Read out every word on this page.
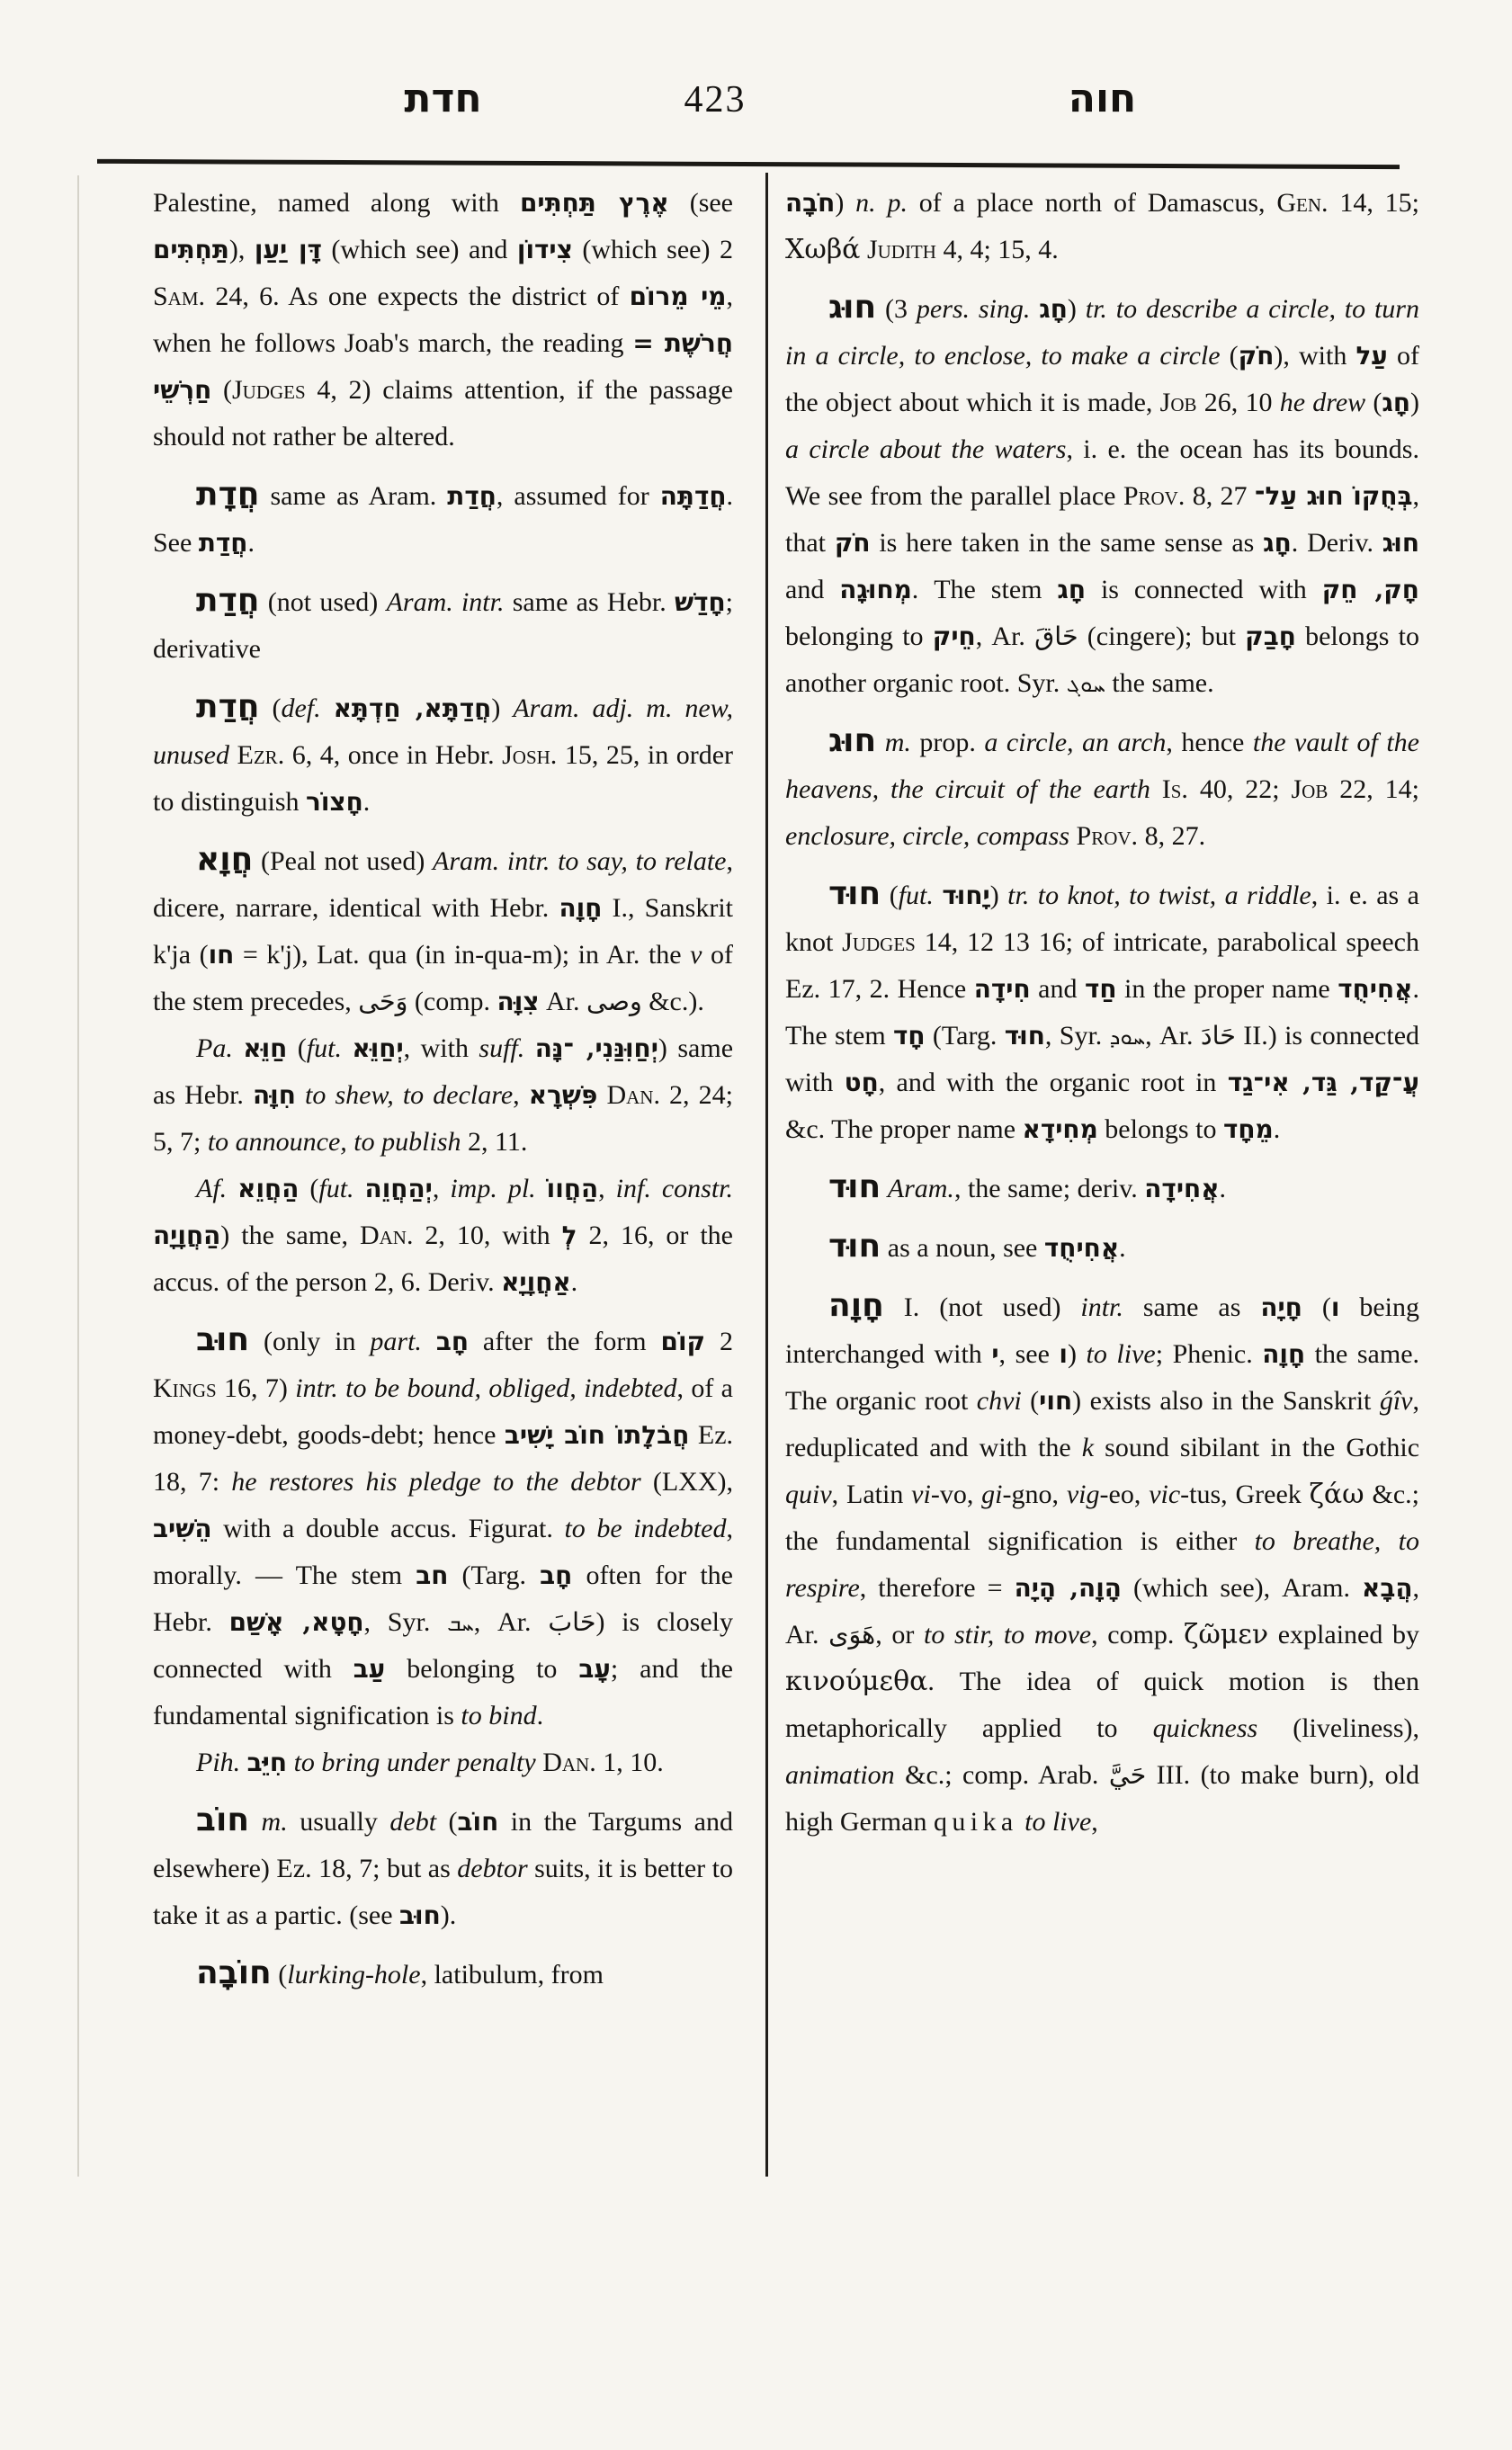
חדת	חוה
423

Palestine, named along with אֶרֶץ תַּחְתִּים (see תַּחְתִּים), דָּן יַעַן (which see) and צִידוֹן (which see) 2 Sam. 24, 6. As one expects the district of מֵי מֵרוֹם, when he follows Joab's march, the reading חֲרֹשֶׁת = חַרְשֵׁי (Judges 4, 2) claims attention, if the passage should not rather be altered.

חֲדָת same as Aram. חֲדַת, assumed for חֲדַתָּה. See חֲדַת.

חֲדַת (not used) Aram. intr. same as Hebr. חָדַשׁ; derivative

חֲדַת (def. חֲדַתָּא, חַדְתָּא) Aram. adj. m. new, unused Ezr. 6, 4, once in Hebr. Josh. 15, 25, in order to distinguish חָצוֹר.

חֲוָא (Peal not used) Aram. intr. to say, to relate, dicere, narrare, identical with Hebr. חָוָה I., Sanskrit k'ja (חו = k'j), Lat. qua (in in-qua-m); in Ar. the v of the stem precedes, وَحَى (comp. צִוָּה Ar. وصى &c.).

Pa. חַוֵּא (fut. יְחַוֵּא, with suff. יְחַוִּנַּנִי, ־נָּה) same as Hebr. חִוָּה to shew, to declare, פִּשְׁרָא Dan. 2, 24; 5, 7; to announce, to publish 2, 11.

Af. הַחֲוֵא (fut. יְהַחֲוֵה, imp. pl. הַחֲווֹ, inf. constr. הַחֲוָיָה) the same, Dan. 2, 10, with לְ 2, 16, or the accus. of the person 2, 6. Deriv. אַחֲוָיָא.

חוּב (only in part. חָב after the form קוֹם 2 Kings 16, 7) intr. to be bound, obliged, indebted, of a money-debt, goods-debt; hence חֲבֹלָתוֹ חוֹב יָשִׁיב Ez. 18, 7: he restores his pledge to the debtor (LXX), הֵשִׁיב with a double accus. Figurat. to be indebted, morally. — The stem חב (Targ. חָב often for the Hebr. חָטָא, אָשַׁם, Syr. ܚܒ, Ar. حَابَ) is closely connected with עַב belonging to עָב; and the fundamental signification is to bind.

Pih. חִיֵּב to bring under penalty Dan. 1, 10.

חוֹב m. usually debt (חוֹב in the Targums and elsewhere) Ez. 18, 7; but as debtor suits, it is better to take it as a partic. (see חוּב).

חוֹבָה (lurking-hole, latibulum, from

חֹבָה) n. p. of a place north of Damascus, Gen. 14, 15; Χωβά Judith 4, 4; 15, 4.

חוּג (3 pers. sing. חָג) tr. to describe a circle, to turn in a circle, to enclose, to make a circle (חֹק), with עַל of the object about which it is made, Job 26, 10 he drew (חָג) a circle about the waters, i. e. the ocean has its bounds. We see from the parallel place Prov. 8, 27 בְּחֻקוֹ חוּג עַל־, that חֹק is here taken in the same sense as חָג. Deriv. חוּג and מְחוּגָה. The stem חָג is connected with חָק, חֵק belonging to חֵיק, Ar. حَاقَ (cingere); but חָבַק belongs to another organic root. Syr. ܚܘܓ the same.

חוּג m. prop. a circle, an arch, hence the vault of the heavens, the circuit of the earth Is. 40, 22; Job 22, 14; enclosure, circle, compass Prov. 8, 27.

חוּד (fut. יָחוּד) tr. to knot, to twist, a riddle, i. e. as a knot Judges 14, 12 13 16; of intricate, parabolical speech Ez. 17, 2. Hence חִידָה and חַד in the proper name אֲחִיחֻד. The stem חָד (Targ. חוּד, Syr. ܚܘܕ, Ar. حَادَ II.) is connected with חָט, and with the organic root in עֲ־קַד, גַּד, אִי־גַד &c. The proper name מְחִידָא belongs to מֵחָד.

חוּד Aram., the same; deriv. אֲחִידָה.

חוּד as a noun, see אֲחִיחֻד.

חָוָה I. (not used) intr. same as חָיָה (ו being interchanged with י, see ו) to live; Phenic. חָוָה the same. The organic root chvi (חוי) exists also in the Sanskrit ǵîv, reduplicated and with the k sound sibilant in the Gothic quiv, Latin vi-vo, gi-gno, vig-eo, vic-tus, Greek ζάω &c.; the fundamental signification is either to breathe, to respire, therefore = הָוָה, הָיָה (which see), Aram. הֲבָא, Ar. هَوَى, or to stir, to move, comp. ζῶμεν explained by κινούμεθα. The idea of quick motion is then metaphorically applied to quickness (liveliness), animation &c.; comp. Arab. حَيَّ III. (to make burn), old high German quika to live,
